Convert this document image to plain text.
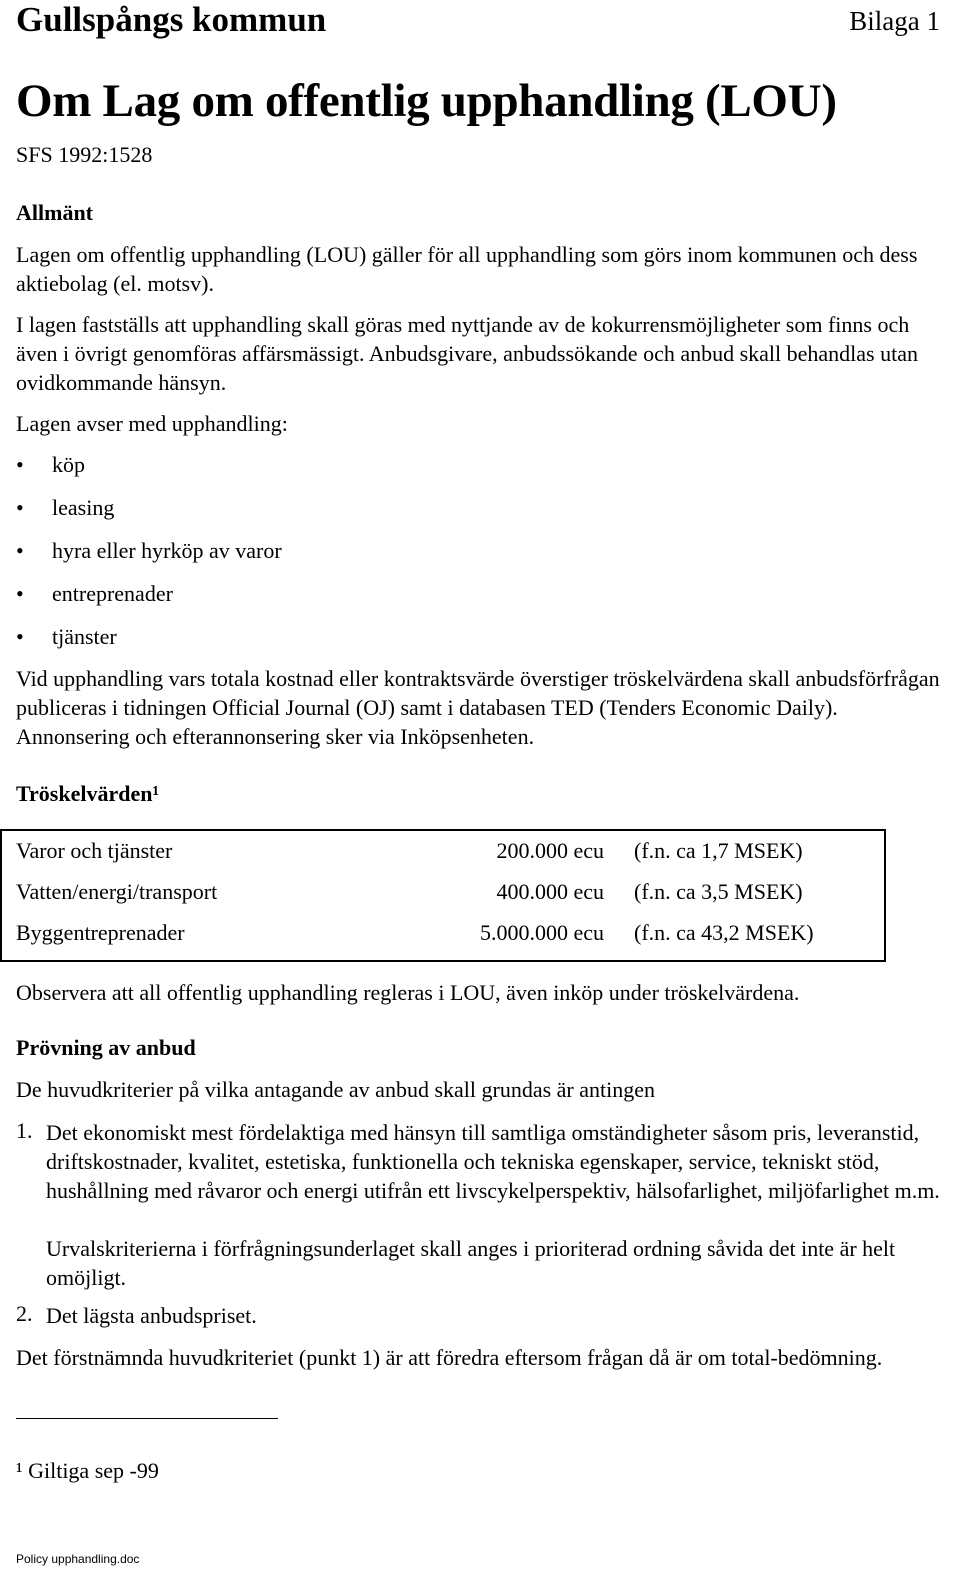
Gullspångs kommun	Bilaga 1
Om Lag om offentlig upphandling (LOU)
SFS 1992:1528
Allmänt
Lagen om offentlig upphandling (LOU) gäller för all upphandling som görs inom kommunen och dess aktiebolag (el. motsv).
I lagen fastställs att upphandling skall göras med nyttjande av de kokurrensmöjligheter som finns och även i övrigt genomföras affärsmässigt. Anbudsgivare, anbudssökande och anbud skall behandlas utan ovidkommande hänsyn.
Lagen avser med upphandling:
• köp
• leasing
• hyra eller hyrköp av varor
• entreprenader
• tjänster
Vid upphandling vars totala kostnad eller kontraktsvärde överstiger tröskelvärdena skall anbudsförfrågan publiceras i tidningen Official Journal (OJ) samt i databasen TED (Tenders Economic Daily). Annonsering och efterannonsering sker via Inköpsenheten.
Tröskelvärden¹
Varor och tjänster	200.000 ecu (f.n. ca 1,7 MSEK)
Vatten/energi/transport	400.000 ecu (f.n. ca 3,5 MSEK)
Byggentreprenader	5.000.000 ecu (f.n. ca 43,2 MSEK)
Observera att all offentlig upphandling regleras i LOU, även inköp under tröskelvärdena.
Prövning av anbud
De huvudkriterier på vilka antagande av anbud skall grundas är antingen
1. Det ekonomiskt mest fördelaktiga med hänsyn till samtliga omständigheter såsom pris, leveranstid, driftskostnader, kvalitet, estetiska, funktionella och tekniska egenskaper, service, tekniskt stöd, hushållning med råvaror och energi utifrån ett livscykelperspektiv, hälsofarlighet, miljöfarlighet m.m.
Urvalskriterierna i förfrågningsunderlaget skall anges i prioriterad ordning såvida det inte är helt omöjligt.
2. Det lägsta anbudspriset.
Det förstnämnda huvudkriteriet (punkt 1) är att föredra eftersom frågan då är om total-bedömning.
¹ Giltiga sep -99
Policy upphandling.doc
